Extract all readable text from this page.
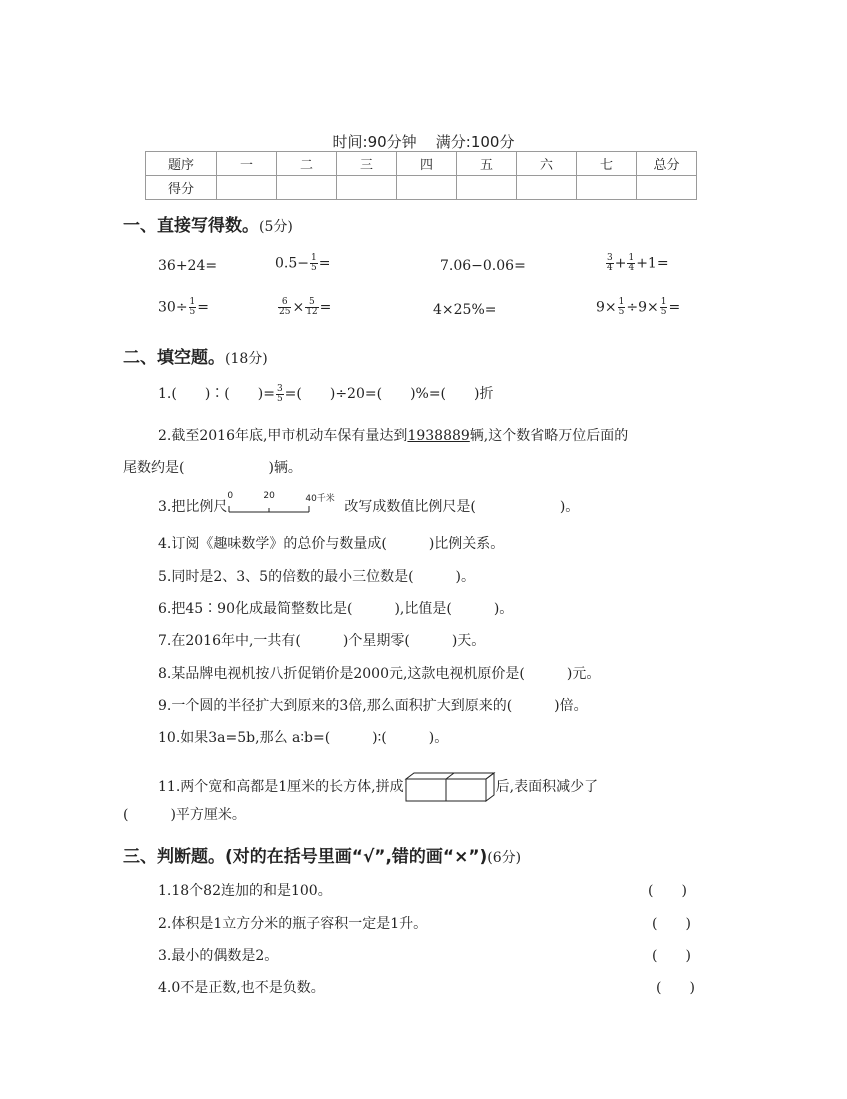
时间:90分钟 满分:100分
题序	一	二	三	四	五	六	七	总分
得分								
一、直接写得数。(5分)
36+24=	$0.5- \frac{1}{5}$ =	7.06−0.06=	$\frac{3}{4} + \frac{1}{4} +1=$
$30\div \frac{1}{5}$ =	$\frac{6}{25} \times \frac{5}{12}$ =	4×25%=	$9\times \frac{1}{5} \div 9\times \frac{1}{5}$ =
二、填空题。(18分)
1.(　　)∶(　　)= $\frac{3}{5}$ =(　　)÷20=(　　)%=(　　)折
2.截至2016年底,甲市机动车保有量达到1938889辆,这个数省略万位后面的
尾数约是(　　　　　　)辆。
3.把比例尺
0	20	40千米 改写成数值比例尺是(　　　　　　)。
4.订阅《趣味数学》的总价与数量成(　　　)比例关系。
5.同时是2、3、5的倍数的最小三位数是(　　　)。
6.把45∶90化成最简整数比是(　　　),比值是(　　　)。
7.在2016年中,一共有(　　　)个星期零(　　　)天。
8.某品牌电视机按八折促销价是2000元,这款电视机原价是(　　　)元。
9.一个圆的半径扩大到原来的3倍,那么面积扩大到原来的(　　　)倍。
10.如果3a=5b,那么 a∶b=(　　　)∶(　　　)。
11.两个宽和高都是1厘米的长方体,拼成	后,表面积减少了
(　　　)平方厘米。
三、判断题。(对的在括号里画“√”,错的画“×”)(6分)
1.18个82连加的和是100。	(　　)
2.体积是1立方分米的瓶子容积一定是1升。	(　　)
3.最小的偶数是2。	(　　)
4.0不是正数,也不是负数。	(　　)
